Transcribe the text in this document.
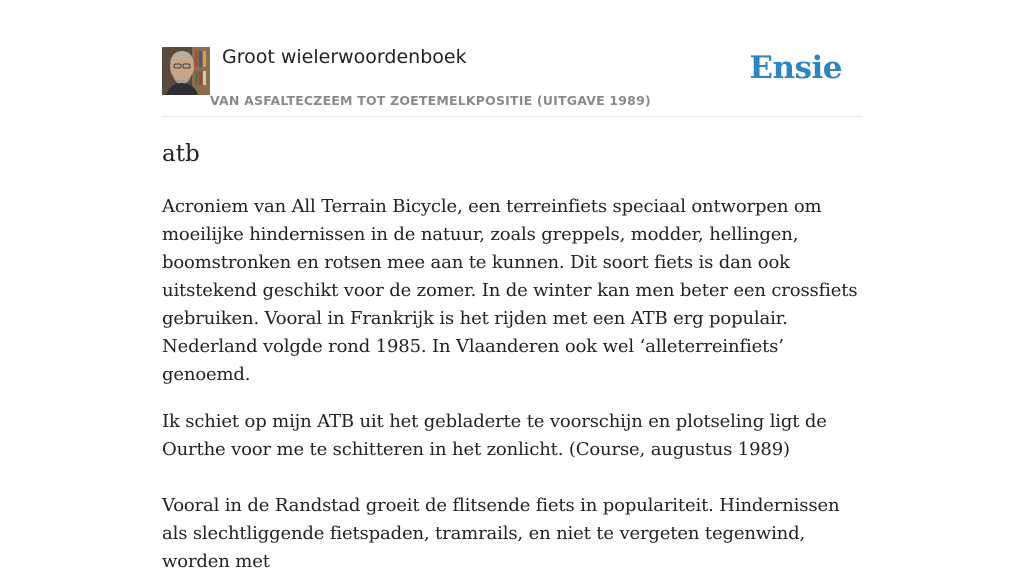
Groot wielerwoordenboek
VAN ASFALTECZEEM TOT ZOETEMELKPOSITIE (UITGAVE 1989)
Ensie
atb

Acroniem van All Terrain Bicycle, een terreinfiets speciaal ontworpen om moeilijke hindernissen in de natuur, zoals greppels, modder, hellingen, boomstronken en rotsen mee aan te kunnen. Dit soort fiets is dan ook uitstekend geschikt voor de zomer. In de winter kan men beter een crossfiets gebruiken. Vooral in Frankrijk is het rijden met een ATB erg populair. Nederland volgde rond 1985. In Vlaanderen ook wel ‘alleterreinfiets’ genoemd.

Ik schiet op mijn ATB uit het gebladerte te voorschijn en plotseling ligt de Ourthe voor me te schitteren in het zonlicht. (Course, augustus 1989)

Vooral in de Randstad groeit de flitsende fiets in populariteit. Hindernissen als slechtliggende fietspaden, tramrails, en niet te vergeten tegenwind, worden met
